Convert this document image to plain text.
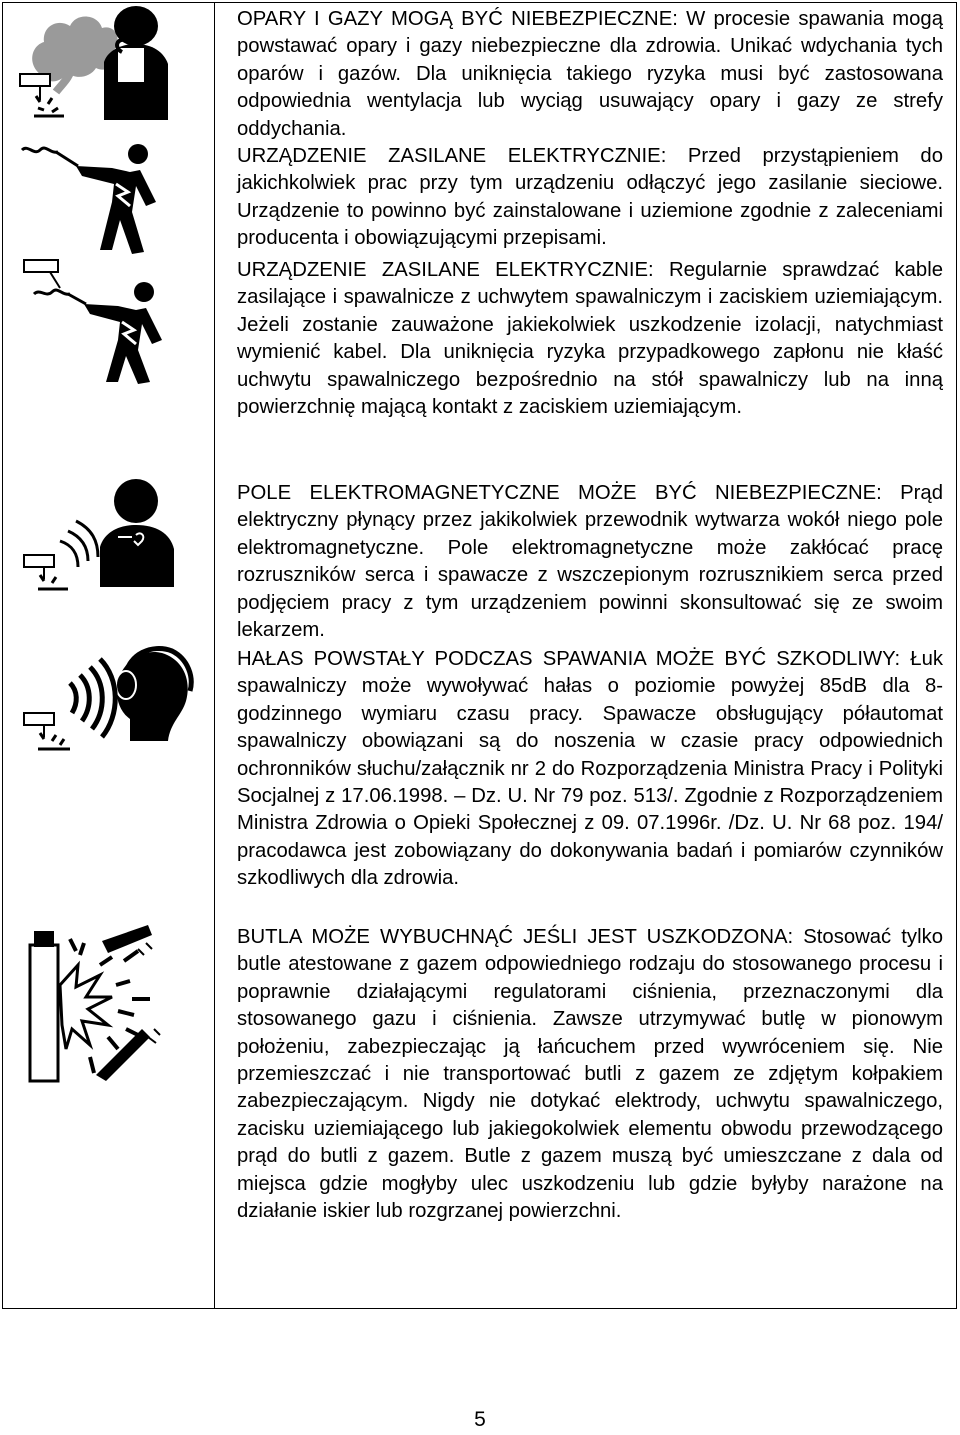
OPARY I GAZY MOGĄ BYĆ NIEBEZPIECZNE: W procesie spawania mogą powstawać opary i gazy niebezpieczne dla zdrowia. Unikać wdychania tych oparów i gazów. Dla uniknięcia takiego ryzyka musi być zastosowana odpowiednia wentylacja lub wyciąg usuwający opary i gazy ze strefy oddychania.
URZĄDZENIE ZASILANE ELEKTRYCZNIE: Przed przystąpieniem do jakichkolwiek prac przy tym urządzeniu odłączyć jego zasilanie sieciowe. Urządzenie to powinno być zainstalowane i uziemione zgodnie z zaleceniami producenta i obowiązującymi przepisami.
URZĄDZENIE ZASILANE ELEKTRYCZNIE: Regularnie sprawdzać kable zasilające i spawalnicze z uchwytem spawalniczym i zaciskiem uziemiającym. Jeżeli zostanie zauważone jakiekolwiek uszkodzenie izolacji, natychmiast wymienić kabel. Dla uniknięcia ryzyka przypadkowego zapłonu nie kłaść uchwytu spawalniczego bezpośrednio na stół spawalniczy lub na inną powierzchnię mającą kontakt z zaciskiem uziemiającym.
POLE ELEKTROMAGNETYCZNE MOŻE BYĆ NIEBEZPIECZNE: Prąd elektryczny płynący przez jakikolwiek przewodnik wytwarza wokół niego pole elektromagnetyczne. Pole elektromagnetyczne może zakłócać pracę rozruszników serca i spawacze z wszczepionym rozrusznikiem serca przed podjęciem pracy z tym urządzeniem powinni skonsultować się ze swoim lekarzem.
HAŁAS POWSTAŁY PODCZAS SPAWANIA MOŻE BYĆ SZKODLIWY: Łuk spawalniczy może wywoływać hałas o poziomie powyżej 85dB dla 8-godzinnego wymiaru czasu pracy. Spawacze obsługujący półautomat spawalniczy obowiązani są do noszenia w czasie pracy odpowiednich ochronników słuchu/załącznik nr 2 do Rozporządzenia Ministra Pracy i Polityki Socjalnej z 17.06.1998. – Dz. U. Nr 79 poz. 513/. Zgodnie z Rozporządzeniem Ministra Zdrowia o Opieki Społecznej z 09. 07.1996r. /Dz. U. Nr 68 poz. 194/ pracodawca jest zobowiązany do dokonywania badań i pomiarów czynników szkodliwych dla zdrowia.
BUTLA MOŻE WYBUCHNĄĆ JEŚLI JEST USZKODZONA: Stosować tylko butle atestowane z gazem odpowiedniego rodzaju do stosowanego procesu i poprawnie działającymi regulatorami ciśnienia, przeznaczonymi dla stosowanego gazu i ciśnienia. Zawsze utrzymywać butlę w pionowym położeniu, zabezpieczając ją łańcuchem przed wywróceniem się. Nie przemieszczać i nie transportować butli z gazem ze zdjętym kołpakiem zabezpieczającym. Nigdy nie dotykać elektrody, uchwytu spawalniczego, zacisku uziemiającego lub jakiegokolwiek elementu obwodu przewodzącego prąd do butli z gazem. Butle z gazem muszą być umieszczane z dala od miejsca gdzie mogłyby ulec uszkodzeniu lub gdzie byłyby narażone na działanie iskier lub rozgrzanej powierzchni.
5
